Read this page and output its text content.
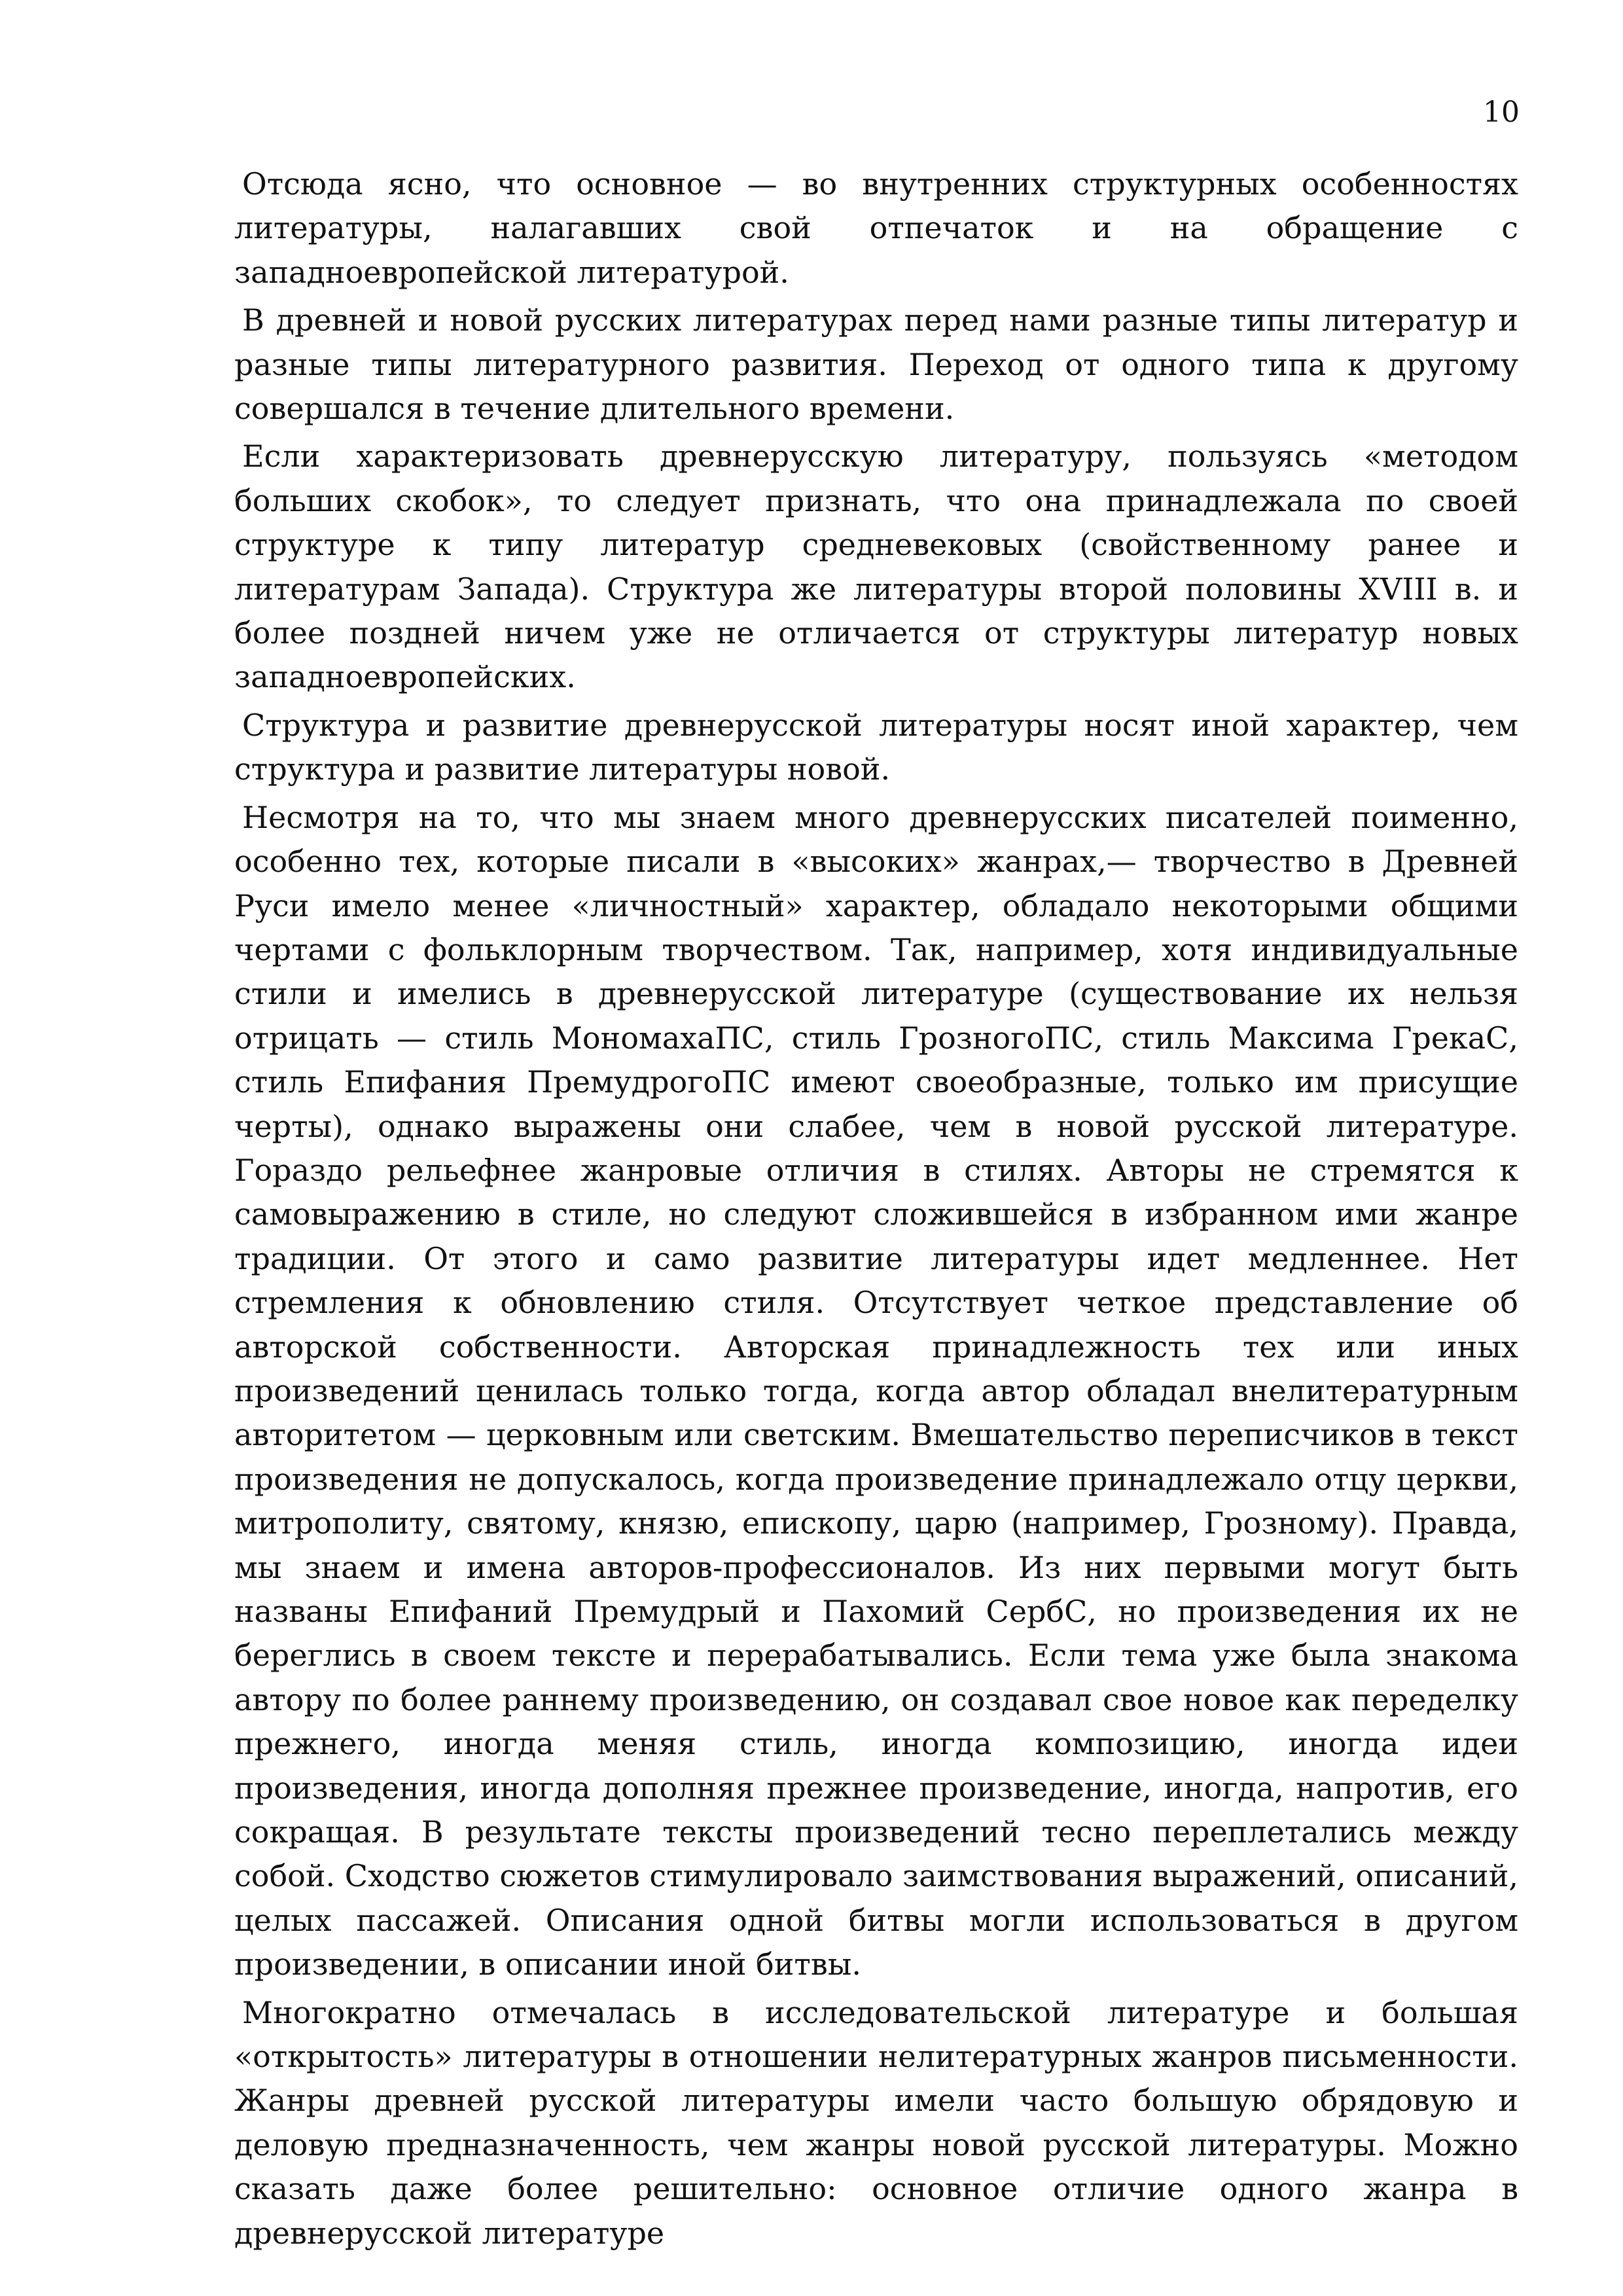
10

Отсюда ясно, что основное — во внутренних структурных особенностях литературы, налагавших свой отпечаток и на обращение с западноевропейской литературой.

В древней и новой русских литературах перед нами разные типы литератур и разные типы литературного развития. Переход от одного типа к другому совершался в течение длительного времени.

Если характеризовать древнерусскую литературу, пользуясь «методом больших скобок», то следует признать, что она принадлежала по своей структуре к типу литератур средневековых (свойственному ранее и литературам Запада). Структура же литературы второй половины XVIII в. и более поздней ничем уже не отличается от структуры литератур новых западноевропейских.

Структура и развитие древнерусской литературы носят иной характер, чем структура и развитие литературы новой.

Несмотря на то, что мы знаем много древнерусских писателей поименно, особенно тех, которые писали в «высоких» жанрах,— творчество в Древней Руси имело менее «личностный» характер, обладало некоторыми общими чертами с фольклорным творчеством. Так, например, хотя индивидуальные стили и имелись в древнерусской литературе (существование их нельзя отрицать — стиль МономахаПС, стиль ГрозногоПС, стиль Максима ГрекаС, стиль Епифания ПремудрогоПС имеют своеобразные, только им присущие черты), однако выражены они слабее, чем в новой русской литературе. Гораздо рельефнее жанровые отличия в стилях. Авторы не стремятся к самовыражению в стиле, но следуют сложившейся в избранном ими жанре традиции. От этого и само развитие литературы идет медленнее. Нет стремления к обновлению стиля. Отсутствует четкое представление об авторской собственности. Авторская принадлежность тех или иных произведений ценилась только тогда, когда автор обладал внелитературным авторитетом — церковным или светским. Вмешательство переписчиков в текст произведения не допускалось, когда произведение принадлежало отцу церкви, митрополиту, святому, князю, епископу, царю (например, Грозному). Правда, мы знаем и имена авторов-профессионалов. Из них первыми могут быть названы Епифаний Премудрый и Пахомий СербС, но произведения их не береглись в своем тексте и перерабатывались. Если тема уже была знакома автору по более раннему произведению, он создавал свое новое как переделку прежнего, иногда меняя стиль, иногда композицию, иногда идеи произведения, иногда дополняя прежнее произведение, иногда, напротив, его сокращая. В результате тексты произведений тесно переплетались между собой. Сходство сюжетов стимулировало заимствования выражений, описаний, целых пассажей. Описания одной битвы могли использоваться в другом произведении, в описании иной битвы.

Многократно отмечалась в исследовательской литературе и большая «открытость» литературы в отношении нелитературных жанров письменности. Жанры древней русской литературы имели часто большую обрядовую и деловую предназначенность, чем жанры новой русской литературы. Можно сказать даже более решительно: основное отличие одного жанра в древнерусской литературе
